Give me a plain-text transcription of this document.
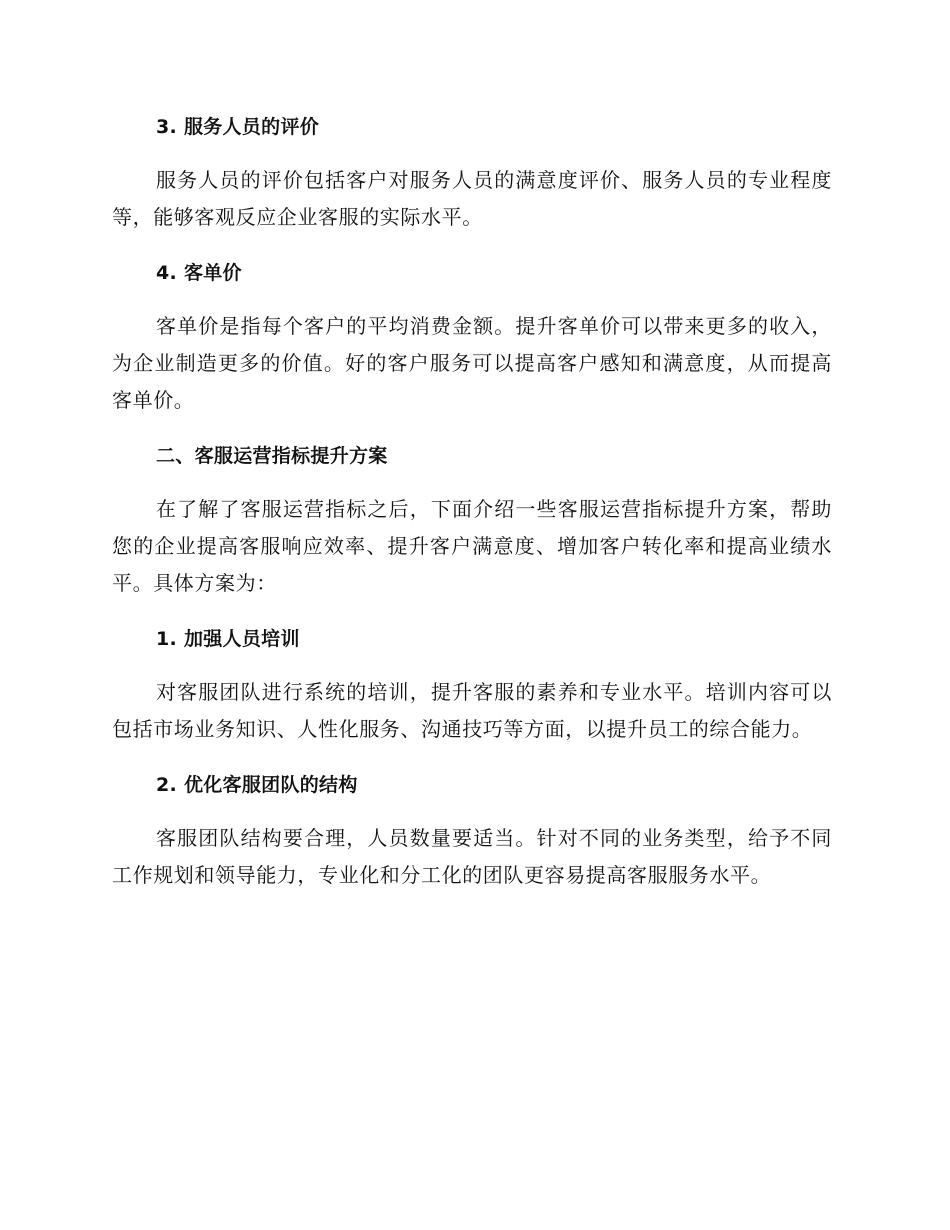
3. 服务人员的评价

服务人员的评价包括客户对服务人员的满意度评价、服务人员的专业程度等，能够客观反应企业客服的实际水平。

4. 客单价

客单价是指每个客户的平均消费金额。提升客单价可以带来更多的收入，为企业制造更多的价值。好的客户服务可以提高客户感知和满意度，从而提高客单价。

二、客服运营指标提升方案

在了解了客服运营指标之后，下面介绍一些客服运营指标提升方案，帮助您的企业提高客服响应效率、提升客户满意度、增加客户转化率和提高业绩水平。具体方案为：

1. 加强人员培训

对客服团队进行系统的培训，提升客服的素养和专业水平。培训内容可以包括市场业务知识、人性化服务、沟通技巧等方面，以提升员工的综合能力。

2. 优化客服团队的结构

客服团队结构要合理，人员数量要适当。针对不同的业务类型，给予不同工作规划和领导能力，专业化和分工化的团队更容易提高客服服务水平。
